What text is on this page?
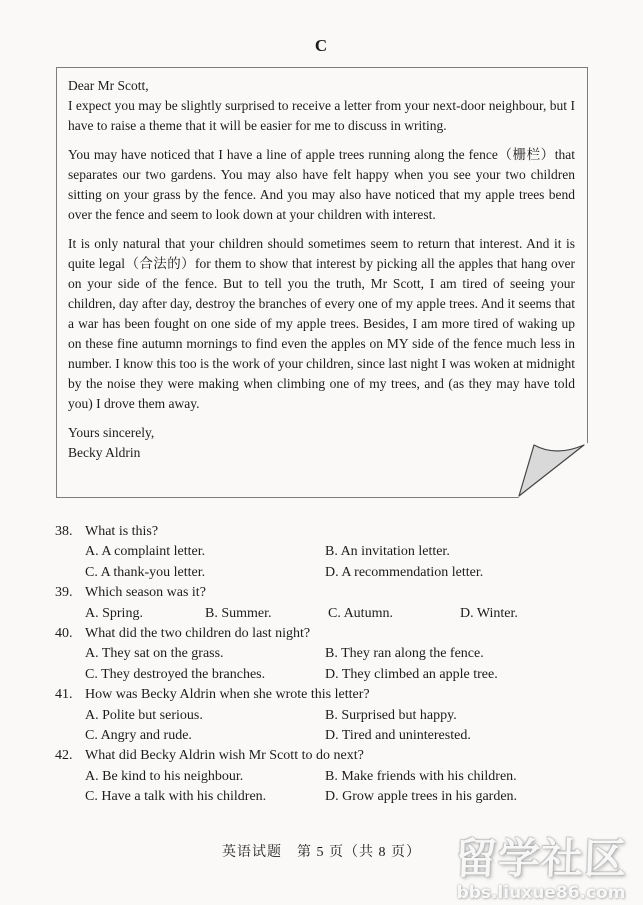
C

Dear Mr Scott,

I expect you may be slightly surprised to receive a letter from your next-door neighbour, but I have to raise a theme that it will be easier for me to discuss in writing.

You may have noticed that I have a line of apple trees running along the fence（栅栏）that separates our two gardens. You may also have felt happy when you see your two children sitting on your grass by the fence. And you may also have noticed that my apple trees bend over the fence and seem to look down at your children with interest.

It is only natural that your children should sometimes seem to return that interest. And it is quite legal（合法的）for them to show that interest by picking all the apples that hang over on your side of the fence. But to tell you the truth, Mr Scott, I am tired of seeing your children, day after day, destroy the branches of every one of my apple trees. And it seems that a war has been fought on one side of my apple trees. Besides, I am more tired of waking up on these fine autumn mornings to find even the apples on MY side of the fence much less in number. I know this too is the work of your children, since last night I was woken at midnight by the noise they were making when climbing one of my trees, and (as they may have told you) I drove them away.

Yours sincerely,

Becky Aldrin

38. What is this?
A. A complaint letter.	B. An invitation letter.
C. A thank-you letter.	D. A recommendation letter.
39. Which season was it?
A. Spring.	B. Summer.	C. Autumn.	D. Winter.
40. What did the two children do last night?
A. They sat on the grass.	B. They ran along the fence.
C. They destroyed the branches.	D. They climbed an apple tree.
41. How was Becky Aldrin when she wrote this letter?
A. Polite but serious.	B. Surprised but happy.
C. Angry and rude.	D. Tired and uninterested.
42. What did Becky Aldrin wish Mr Scott to do next?
A. Be kind to his neighbour.	B. Make friends with his children.
C. Have a talk with his children.	D. Grow apple trees in his garden.
英语试题　第 5 页（共 8 页） 留学社区
bbs.liuxue86.com
